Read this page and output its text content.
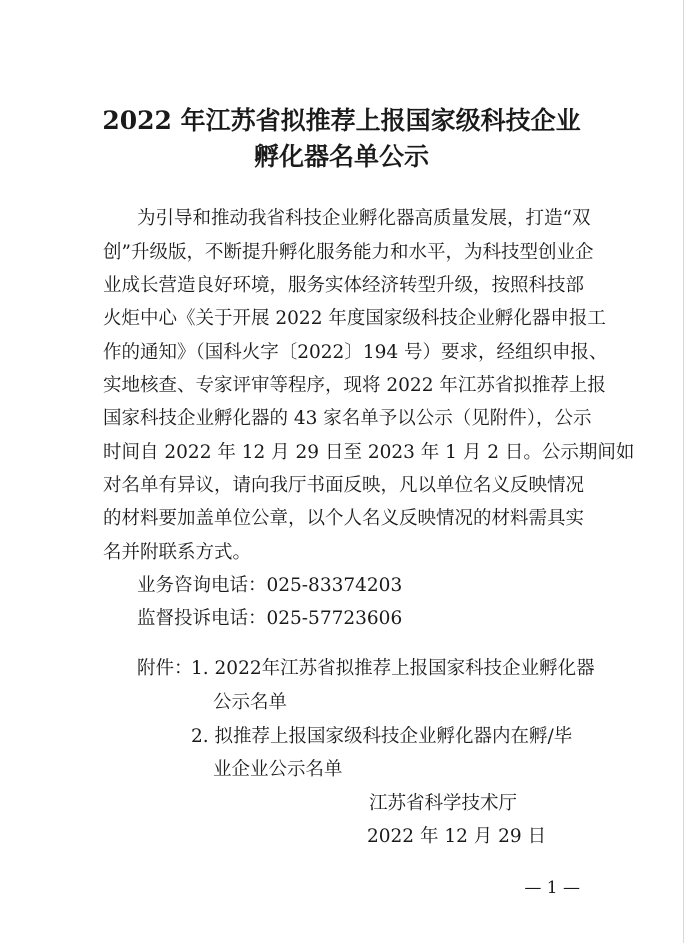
2022 年江苏省拟推荐上报国家级科技企业
孵化器名单公示

为引导和推动我省科技企业孵化器高质量发展，打造“双

创”升级版，不断提升孵化服务能力和水平，为科技型创业企

业成长营造良好环境，服务实体经济转型升级，按照科技部

火炬中心《关于开展 2022 年度国家级科技企业孵化器申报工

作的通知》（国科火字〔2022〕194 号）要求，经组织申报、

实地核查、专家评审等程序，现将 2022 年江苏省拟推荐上报

国家科技企业孵化器的 43 家名单予以公示（见附件），公示

时间自 2022 年 12 月 29 日至 2023 年 1 月 2 日。公示期间如

对名单有异议，请向我厅书面反映，凡以单位名义反映情况

的材料要加盖单位公章，以个人名义反映情况的材料需具实

名并附联系方式。

业务咨询电话：025-83374203

监督投诉电话：025-57723606

附件：
1. 2022年江苏省拟推荐上报国家科技企业孵化器
公示名单
2. 拟推荐上报国家级科技企业孵化器内在孵/毕
业企业公示名单
江苏省科学技术厅
2022 年 12 月 29 日
— 1 —
